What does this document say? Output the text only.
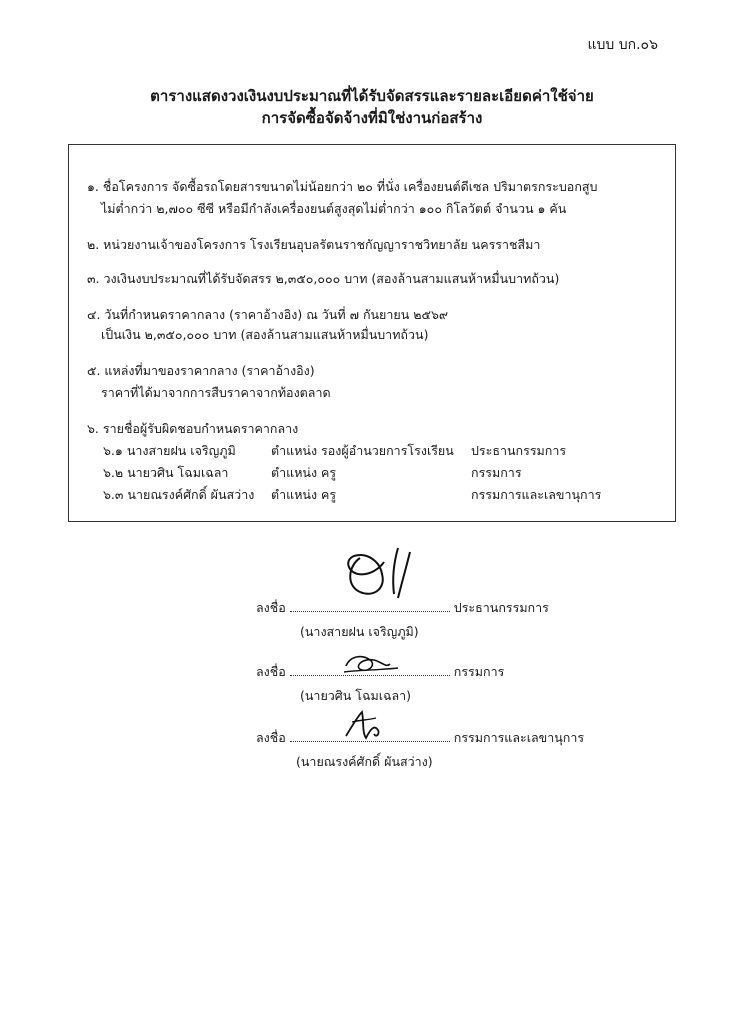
แบบ บก.๐๖
ตารางแสดงวงเงินงบประมาณที่ได้รับจัดสรรและรายละเอียดค่าใช้จ่าย
การจัดซื้อจัดจ้างที่มิใช่งานก่อสร้าง
๑. ชื่อโครงการ จัดซื้อรถโดยสารขนาดไม่น้อยกว่า ๒๐ ที่นั่ง เครื่องยนต์ดีเซล ปริมาตรกระบอกสูบ
ไม่ต่ำกว่า ๒,๗๐๐ ซีซี หรือมีกำลังเครื่องยนต์สูงสุดไม่ต่ำกว่า ๑๐๐ กิโลวัตต์ จำนวน ๑ คัน
๒. หน่วยงานเจ้าของโครงการ โรงเรียนอุบลรัตนราชกัญญาราชวิทยาลัย นครราชสีมา
๓. วงเงินงบประมาณที่ได้รับจัดสรร ๒,๓๕๐,๐๐๐ บาท (สองล้านสามแสนห้าหมื่นบาทถ้วน)
๔. วันที่กำหนดราคากลาง (ราคาอ้างอิง) ณ วันที่ ๗ กันยายน ๒๕๖๙
เป็นเงิน ๒,๓๕๐,๐๐๐ บาท (สองล้านสามแสนห้าหมื่นบาทถ้วน)
๕. แหล่งที่มาของราคากลาง (ราคาอ้างอิง)
ราคาที่ได้มาจากการสืบราคาจากท้องตลาด
๖. รายชื่อผู้รับผิดชอบกำหนดราคากลาง
๖.๑ นางสายฝน เจริญภูมิ	ตำแหน่ง รองผู้อำนวยการโรงเรียน ประธานกรรมการ
๖.๒ นายวศิน โฉมเฉลา	ตำแหน่ง ครู	กรรมการ
๖.๓ นายณรงค์ศักดิ์ ผันสว่าง ตำแหน่ง ครู	กรรมการและเลขานุการ
ลงชื่อ	ประธานกรรมการ
(นางสายฝน เจริญภูมิ)
ลงชื่อ	กรรมการ
(นายวศิน โฉมเฉลา)
ลงชื่อ	กรรมการและเลขานุการ
(นายณรงค์ศักดิ์ ผันสว่าง)
